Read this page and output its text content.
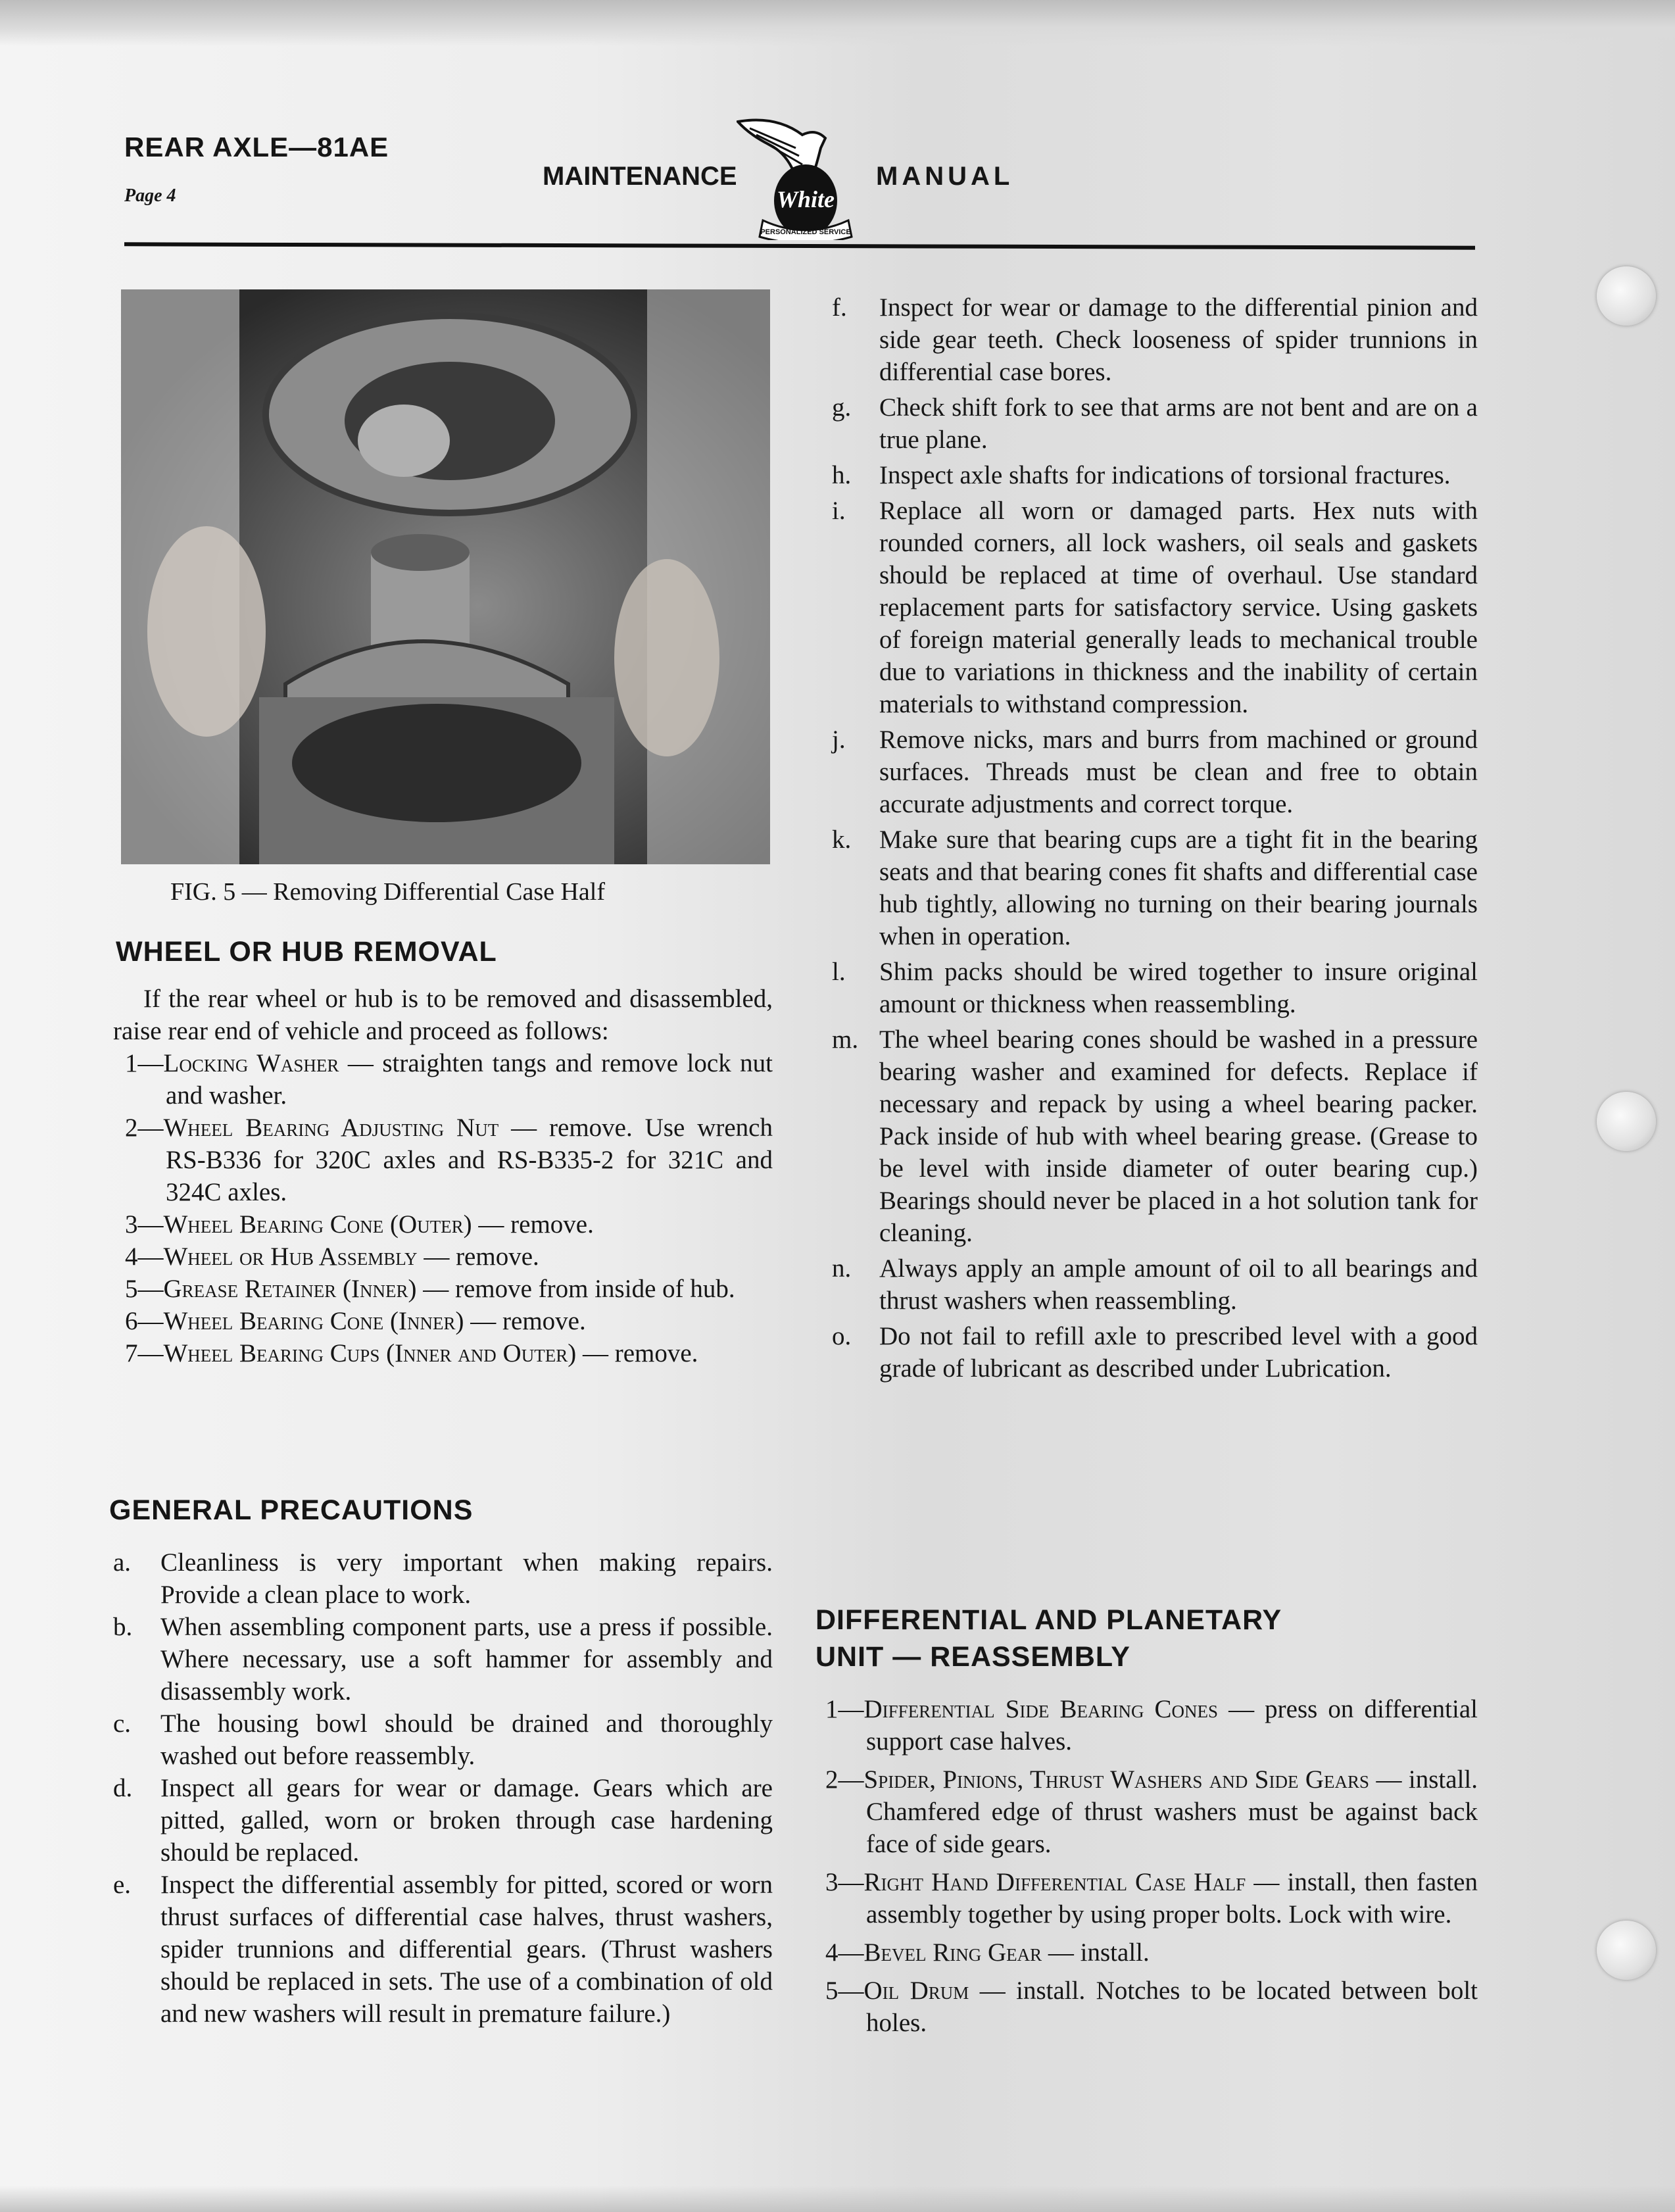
REAR AXLE—81AE
Page 4
MAINTENANCE	MANUAL
White
PERSONALIZED SERVICE
FIG. 5 — Removing Differential Case Half
WHEEL OR HUB REMOVAL
If the rear wheel or hub is to be removed and disassembled, raise rear end of vehicle and proceed as follows:
1—Locking Washer — straighten tangs and remove lock nut and washer.
2—Wheel Bearing Adjusting Nut — remove. Use wrench RS-B336 for 320C axles and RS-B335-2 for 321C and 324C axles.
3—Wheel Bearing Cone (Outer) — remove.
4—Wheel or Hub Assembly — remove.
5—Grease Retainer (Inner) — remove from inside of hub.
6—Wheel Bearing Cone (Inner) — remove.
7—Wheel Bearing Cups (Inner and Outer) — remove.
GENERAL PRECAUTIONS
a.	Cleanliness is very important when making repairs. Provide a clean place to work.
b.	When assembling component parts, use a press if possible. Where necessary, use a soft hammer for assembly and disassembly work.
c.	The housing bowl should be drained and thoroughly washed out before reassembly.
d.	Inspect all gears for wear or damage. Gears which are pitted, galled, worn or broken through case hardening should be replaced.
e.	Inspect the differential assembly for pitted, scored or worn thrust surfaces of differential case halves, thrust washers, spider trunnions and differential gears. (Thrust washers should be replaced in sets. The use of a combination of old and new washers will result in premature failure.)
f.	Inspect for wear or damage to the differential pinion and side gear teeth. Check looseness of spider trunnions in differential case bores.
g.	Check shift fork to see that arms are not bent and are on a true plane.
h.	Inspect axle shafts for indications of torsional fractures.
i.	Replace all worn or damaged parts. Hex nuts with rounded corners, all lock washers, oil seals and gaskets should be replaced at time of overhaul. Use standard replacement parts for satisfactory service. Using gaskets of foreign material generally leads to mechanical trouble due to variations in thickness and the inability of certain materials to withstand compression.
j.	Remove nicks, mars and burrs from machined or ground surfaces. Threads must be clean and free to obtain accurate adjustments and correct torque.
k.	Make sure that bearing cups are a tight fit in the bearing seats and that bearing cones fit shafts and differential case hub tightly, allowing no turning on their bearing journals when in operation.
l.	Shim packs should be wired together to insure original amount or thickness when reassembling.
m. The wheel bearing cones should be washed in a pressure bearing washer and examined for defects. Replace if necessary and repack by using a wheel bearing packer. Pack inside of hub with wheel bearing grease. (Grease to be level with inside diameter of outer bearing cup.) Bearings should never be placed in a hot solution tank for cleaning.
n.	Always apply an ample amount of oil to all bearings and thrust washers when reassembling.
o.	Do not fail to refill axle to prescribed level with a good grade of lubricant as described under Lubrication.
DIFFERENTIAL AND PLANETARY
UNIT — REASSEMBLY
1—Differential Side Bearing Cones — press on differential support case halves.
2—Spider, Pinions, Thrust Washers and Side Gears — install. Chamfered edge of thrust washers must be against back face of side gears.
3—Right Hand Differential Case Half — install, then fasten assembly together by using proper bolts. Lock with wire.
4—Bevel Ring Gear — install.
5—Oil Drum — install. Notches to be located between bolt holes.
